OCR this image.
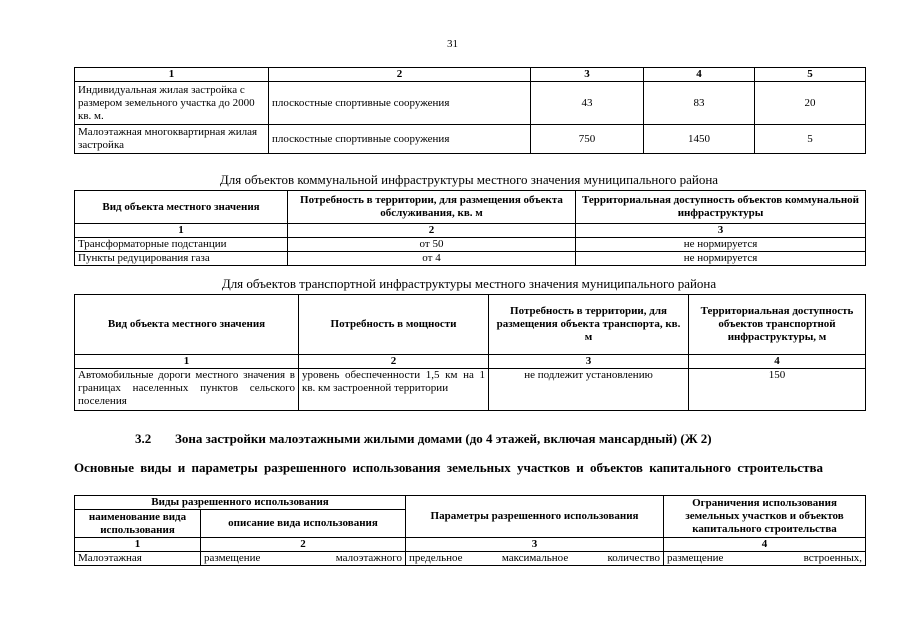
31
1	2	3	4	5
Индивидуальная жилая застройка с размером земельного участка до 2000 кв. м.	плоскостные спортивные сооружения	43	83	20
Малоэтажная многоквартирная жилая застройка	плоскостные спортивные сооружения	750	1450	5
Для объектов коммунальной инфраструктуры местного значения муниципального района
Вид объекта местного значения	Потребность в территории, для размещения объекта обслуживания, кв. м	Территориальная доступность объектов коммунальной инфраструктуры
1	2	3
Трансформаторные подстанции	от 50	не нормируется
Пункты редуцирования газа	от 4	не нормируется
Для объектов транспортной инфраструктуры местного значения муниципального района
Вид объекта местного значения	Потребность в мощности	Потребность в территории, для размещения объекта транспорта, кв. м	Территориальная доступность объектов транспортной инфраструктуры, м
1	2	3	4
Автомобильные дороги местного значения в границах населенных пунктов сельского поселения	уровень обеспеченности 1,5 км на 1 кв. км застроенной территории	не подлежит установлению	150
3.2 Зона застройки малоэтажными жилыми домами (до 4 этажей, включая мансардный) (Ж 2)
Основные виды и параметры разрешенного использования земельных участков и объектов капитального строительства
Виды разрешенного использования		Параметры разрешенного использования	Ограничения использования земельных участков и объектов капитального строительства
наименование вида использования	описание вида использования		
1	2	3	4
Малоэтажная	размещение малоэтажного	предельное максимальное количество	размещение встроенных,
